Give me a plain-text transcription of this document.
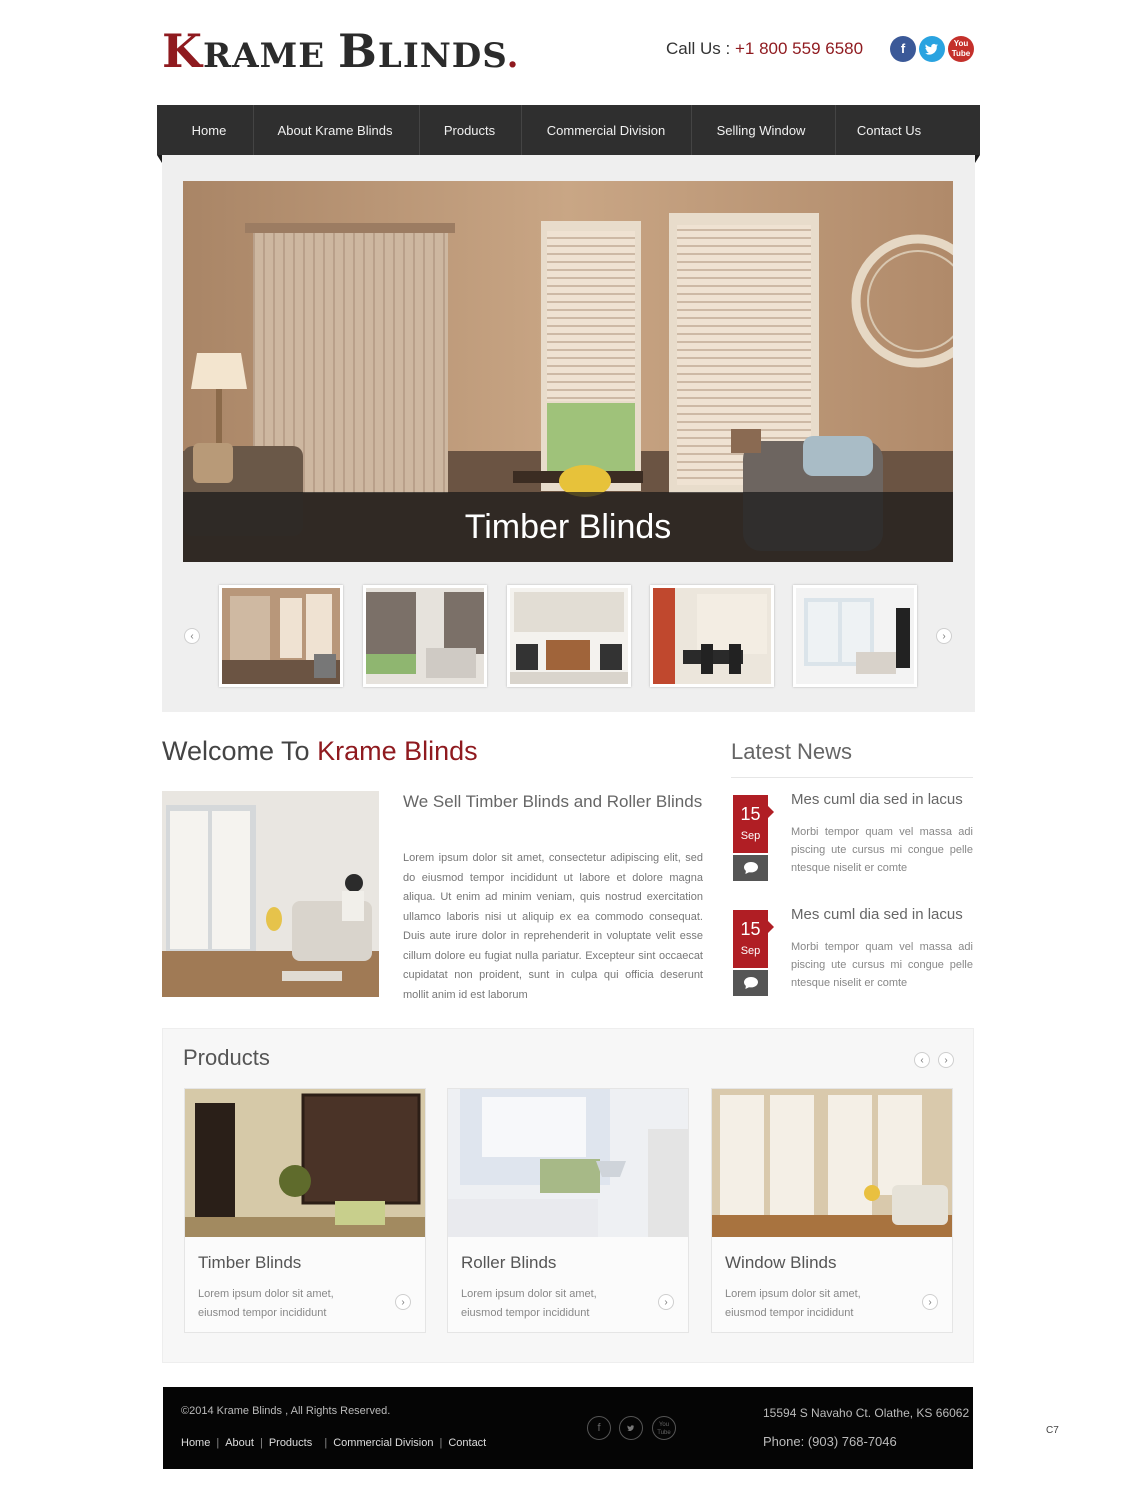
KRAME BLINDS.	Call Us : +1 800 559 6580	f	You Tube
Home	About Krame Blinds	Products	Commercial Division	Selling Window	Contact Us
Timber Blinds
‹	›
Welcome To Krame Blinds
We Sell Timber Blinds and Roller Blinds
Lorem ipsum dolor sit amet, consectetur adipiscing elit, sed do eiusmod tempor incididunt ut labore et dolore magna aliqua. Ut enim ad minim veniam, quis nostrud exercitation ullamco laboris nisi ut aliquip ex ea commodo consequat. Duis aute irure dolor in reprehenderit in voluptate velit esse cillum dolore eu fugiat nulla pariatur. Excepteur sint occaecat cupidatat non proident, sunt in culpa qui officia deserunt mollit anim id est laborum
Latest News
15
Sep
Mes cuml dia sed in lacus
Morbi tempor quam vel massa adi piscing ute cursus mi congue pelle ntesque niselit er comte
15
Sep
Mes cuml dia sed in lacus
Morbi tempor quam vel massa adi piscing ute cursus mi congue pelle ntesque niselit er comte
Products	‹	›
Timber Blinds
Lorem ipsum dolor sit amet, eiusmod tempor incididunt
›
Roller Blinds
Lorem ipsum dolor sit amet, eiusmod tempor incididunt
›
Window Blinds
Lorem ipsum dolor sit amet, eiusmod tempor incididunt
›
©2014 Krame Blinds , All Rights Reserved.
Home | About | Products  | Commercial Division | Contact
f	You Tube
15594 S Navaho Ct. Olathe, KS 66062
Phone: (903) 768-7046
C7
